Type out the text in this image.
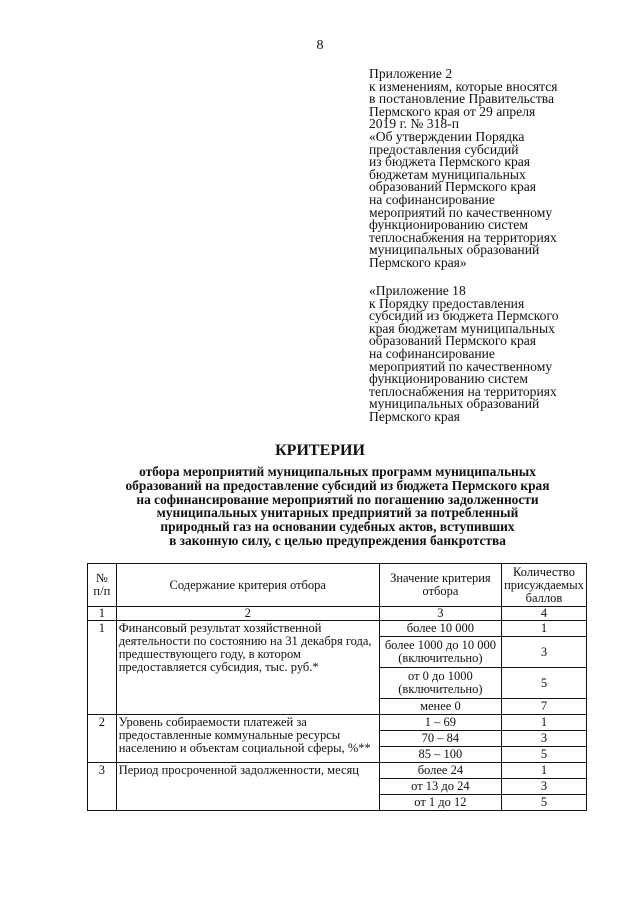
8
Приложение 2
к изменениям, которые вносятся
в постановление Правительства
Пермского края от 29 апреля
2019 г. № 318-п
«Об утверждении Порядка
предоставления субсидий
из бюджета Пермского края
бюджетам муниципальных
образований Пермского края
на софинансирование
мероприятий по качественному
функционированию систем
теплоснабжения на территориях
муниципальных образований
Пермского края»
«Приложение 18
к Порядку предоставления
субсидий из бюджета Пермского
края бюджетам муниципальных
образований Пермского края
на софинансирование
мероприятий по качественному
функционированию систем
теплоснабжения на территориях
муниципальных образований
Пермского края
КРИТЕРИИ
отбора мероприятий муниципальных программ муниципальных
образований на предоставление субсидий из бюджета Пермского края
на софинансирование мероприятий по погашению задолженности
муниципальных унитарных предприятий за потребленный
природный газ на основании судебных актов, вступивших
в законную силу, с целью предупреждения банкротства
№ п/п	Содержание критерия отбора	Значение критерия отбора	Количество присуждаемых баллов
1	2	3	4
1	Финансовый результат хозяйственной деятельности по состоянию на 31 декабря года, предшествующего году, в котором предоставляется субсидия, тыс. руб.*	более 10 000	1
		более 1000 до 10 000 (включительно)	3
		от 0 до 1000 (включительно)	5
		менее 0	7
2	Уровень собираемости платежей за предоставленные коммунальные ресурсы населению и объектам социальной сферы, %**	1 – 69	1
		70 – 84	3
		85 – 100	5
3	Период просроченной задолженности, месяц	более 24	1
		от 13 до 24	3
		от 1 до 12	5
